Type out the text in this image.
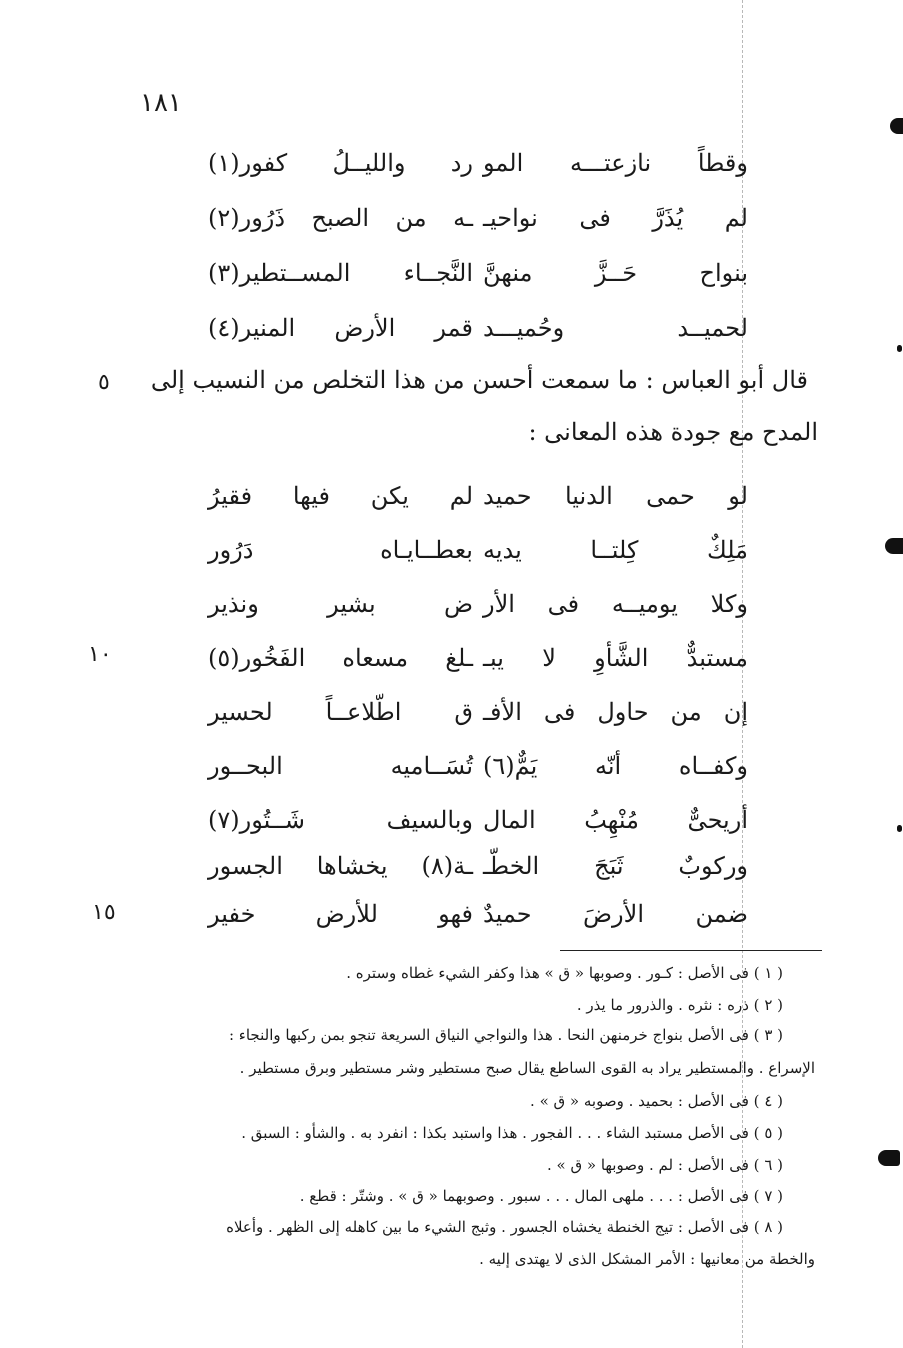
١٨١
وقطاً نازعتـــه المو
رد والليــلُ كفور(١)
لم يُذَرَّ فى نواحيـ
ـه من الصبح ذَرُور(٢)
بنواح حَــزَّ منهنَّ
النَّجــاء المســتطير(٣)
لحميــد وحُميـــد
قمر الأرض المنير(٤)
قال أبو العباس : ما سمعت أحسن من هذا التخلص من النسيب إلى
٥
المدح مع جودة هذه المعانى :
لو حمى الدنيا حميد
لم يكن فيها فقيرُ
مَلِكٌ كِلتــا يديه
بعطــايـاه دَرُور
وكلا يوميــه فى الأر
ض بشير ونذير
مستبدٌّ الشَّأوِ لا يبـ
ـلغ مسعاه الفَخُور(٥)
١٠
إن من حاول فى الأفـ
ق اطّلاعــاً لحسير
وكفــاه أنّه يَمٌّ(٦)
تُسَــاميه البحــور
أريحىٌّ مُنْهِبُ المال
وبالسيف شَــتُور(٧)
وركوبٌ ثَبَجَ الخطّـ
ـة(٨) يخشاها الجسور
ضمن الأرضَ حميدٌ
فهو للأرض خفير
١٥
( ١ ) فى الأصل : كـور . وصوبها « ق » هذا وكفر الشيء غطاه وستره .
( ٢ ) ذره : نثره . والذرور ما يذر .
( ٣ ) فى الأصل بنواج خرمنهن النحا . هذا والنواجي النياق السريعة تنجو بمن ركبها والنجاء :
الإسراع . والمستطير يراد به القوى الساطع يقال صبح مستطير وشر مستطير وبرق مستطير .
( ٤ ) فى الأصل : بحميد . وصوبه « ق » .
( ٥ ) فى الأصل مستبد الشاء . . . الفجور . هذا واستبد بكذا : انفرد به . والشأو : السبق .
( ٦ ) فى الأصل : لم . وصوبها « ق » .
( ٧ ) فى الأصل : . . . ملهى المال . . . سبور . وصوبهما « ق » . وشتّر : قطع .
( ٨ ) فى الأصل : تيج الخنطة يخشاه الجسور . وثبج الشيء ما بين كاهله إلى الظهر . وأعلاه
والخطة من معانيها : الأمر المشكل الذى لا يهتدى إليه .
